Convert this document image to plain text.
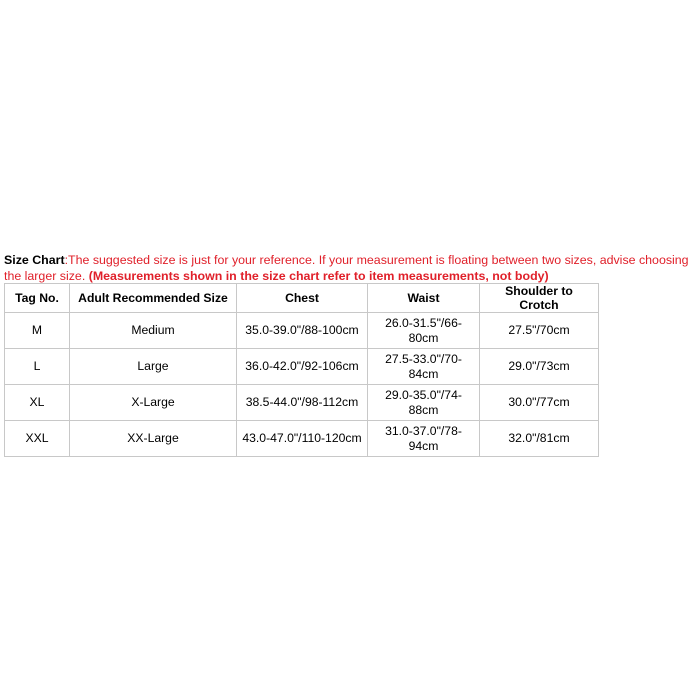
Size Chart:The suggested size is just for your reference. If your measurement is floating between two sizes, advise choosing the larger size. (Measurements shown in the size chart refer to item measurements, not body)
Tag No.	Adult Recommended Size	Chest	Waist	Shoulder to Crotch
M	Medium	35.0-39.0"/88-100cm	26.0-31.5"/66-80cm	27.5"/70cm
L	Large	36.0-42.0"/92-106cm	27.5-33.0"/70-84cm	29.0"/73cm
XL	X-Large	38.5-44.0"/98-112cm	29.0-35.0"/74-88cm	30.0"/77cm
XXL	XX-Large	43.0-47.0"/110-120cm	31.0-37.0"/78-94cm	32.0"/81cm
